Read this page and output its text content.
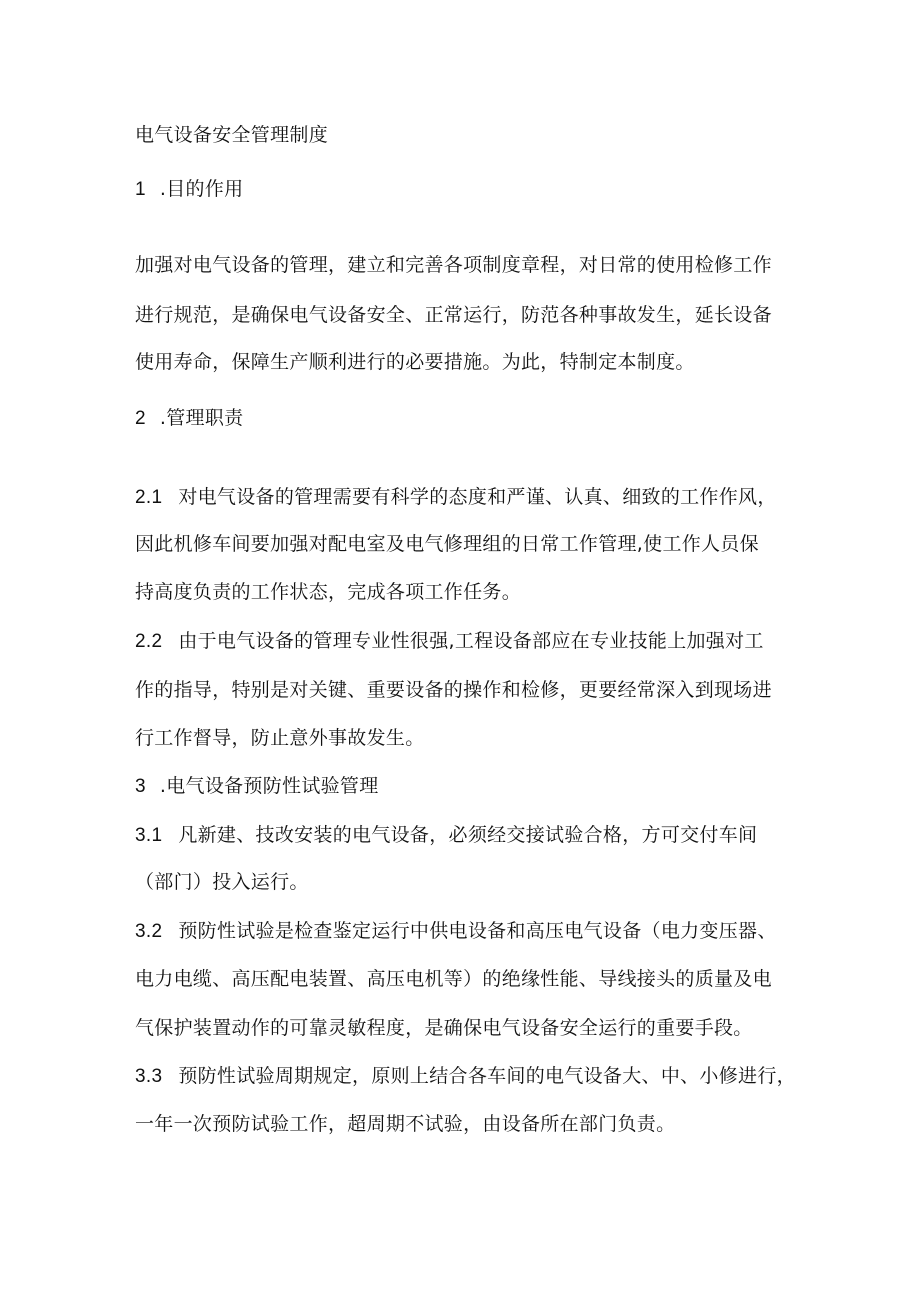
电气设备安全管理制度
1 .目的作用
加强对电气设备的管理，建立和完善各项制度章程，对日常的使用检修工作
进行规范，是确保电气设备安全、正常运行，防范各种事故发生，延长设备
使用寿命，保障生产顺利进行的必要措施。为此，特制定本制度。
2 .管理职责
2.1 对电气设备的管理需要有科学的态度和严谨、认真、细致的工作作风，
因此机修车间要加强对配电室及电气修理组的日常工作管理,使工作人员保
持高度负责的工作状态，完成各项工作任务。
2.2 由于电气设备的管理专业性很强,工程设备部应在专业技能上加强对工
作的指导，特别是对关键、重要设备的操作和检修，更要经常深入到现场进
行工作督导，防止意外事故发生。
3 .电气设备预防性试验管理
3.1 凡新建、技改安装的电气设备，必须经交接试验合格，方可交付车间
（部门）投入运行。
3.2 预防性试验是检查鉴定运行中供电设备和高压电气设备（电力变压器、
电力电缆、高压配电装置、高压电机等）的绝缘性能、导线接头的质量及电
气保护装置动作的可靠灵敏程度，是确保电气设备安全运行的重要手段。
3.3 预防性试验周期规定，原则上结合各车间的电气设备大、中、小修进行，
一年一次预防试验工作，超周期不试验，由设备所在部门负责。
